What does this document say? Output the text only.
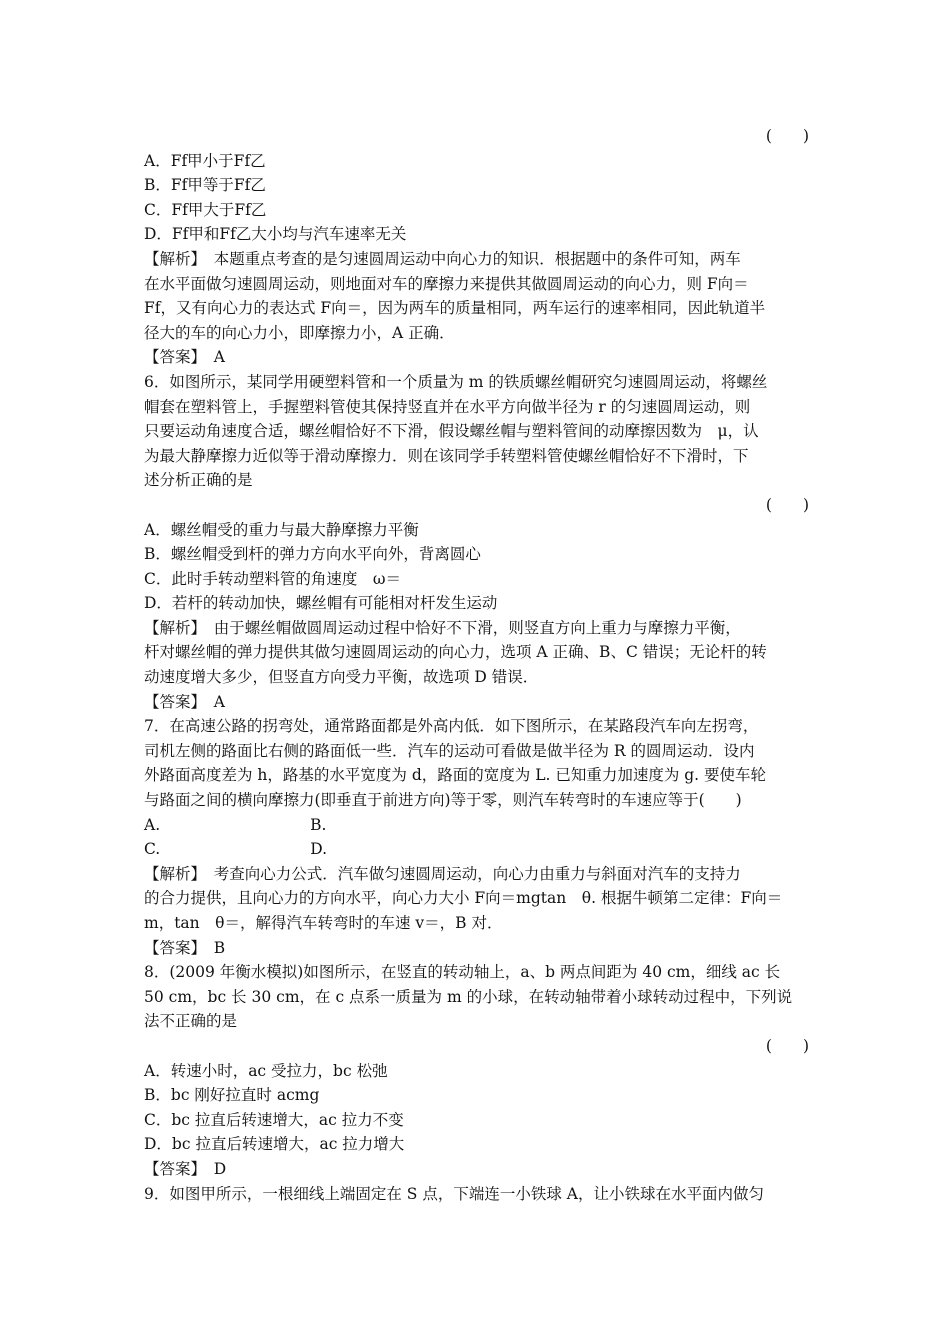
(　　)
A．Ff甲小于Ff乙
B．Ff甲等于Ff乙
C．Ff甲大于Ff乙
D．Ff甲和Ff乙大小均与汽车速率无关
【解析】　本题重点考查的是匀速圆周运动中向心力的知识．根据题中的条件可知，两车
在水平面做匀速圆周运动，则地面对车的摩擦力来提供其做圆周运动的向心力，则 F向＝
Ff，又有向心力的表达式 F向＝，因为两车的质量相同，两车运行的速率相同，因此轨道半
径大的车的向心力小，即摩擦力小，A 正确．
【答案】　A
6．如图所示，某同学用硬塑料管和一个质量为 m 的铁质螺丝帽研究匀速圆周运动，将螺丝
帽套在塑料管上，手握塑料管使其保持竖直并在水平方向做半径为 r 的匀速圆周运动，则
只要运动角速度合适，螺丝帽恰好不下滑，假设螺丝帽与塑料管间的动摩擦因数为　μ，认
为最大静摩擦力近似等于滑动摩擦力．则在该同学手转塑料管使螺丝帽恰好不下滑时，下
述分析正确的是
(　　)
A．螺丝帽受的重力与最大静摩擦力平衡
B．螺丝帽受到杆的弹力方向水平向外，背离圆心
C．此时手转动塑料管的角速度　ω＝
D．若杆的转动加快，螺丝帽有可能相对杆发生运动
【解析】　由于螺丝帽做圆周运动过程中恰好不下滑，则竖直方向上重力与摩擦力平衡，
杆对螺丝帽的弹力提供其做匀速圆周运动的向心力，选项 A 正确、B、C 错误；无论杆的转
动速度增大多少，但竖直方向受力平衡，故选项 D 错误．
【答案】　A
7．在高速公路的拐弯处，通常路面都是外高内低．如下图所示，在某路段汽车向左拐弯，
司机左侧的路面比右侧的路面低一些．汽车的运动可看做是做半径为 R 的圆周运动．设内
外路面高度差为 h，路基的水平宽度为 d，路面的宽度为 L. 已知重力加速度为 g. 要使车轮
与路面之间的横向摩擦力(即垂直于前进方向)等于零，则汽车转弯时的车速应等于(　　)
A.	B.
C.	D.
【解析】　考查向心力公式．汽车做匀速圆周运动，向心力由重力与斜面对汽车的支持力
的合力提供，且向心力的方向水平，向心力大小 F向＝mgtan　θ. 根据牛顿第二定律：F向＝
m，tan　θ＝，解得汽车转弯时的车速 v＝，B 对．
【答案】　B
8．(2009 年衡水模拟)如图所示，在竖直的转动轴上，a、b 两点间距为 40 cm，细线 ac 长
50 cm，bc 长 30 cm，在 c 点系一质量为 m 的小球，在转动轴带着小球转动过程中，下列说
法不正确的是
(　　)
A．转速小时，ac 受拉力，bc 松弛
B．bc 刚好拉直时 acmg
C．bc 拉直后转速增大，ac 拉力不变
D．bc 拉直后转速增大，ac 拉力增大
【答案】　D
9．如图甲所示，一根细线上端固定在 S 点，下端连一小铁球 A，让小铁球在水平面内做匀
